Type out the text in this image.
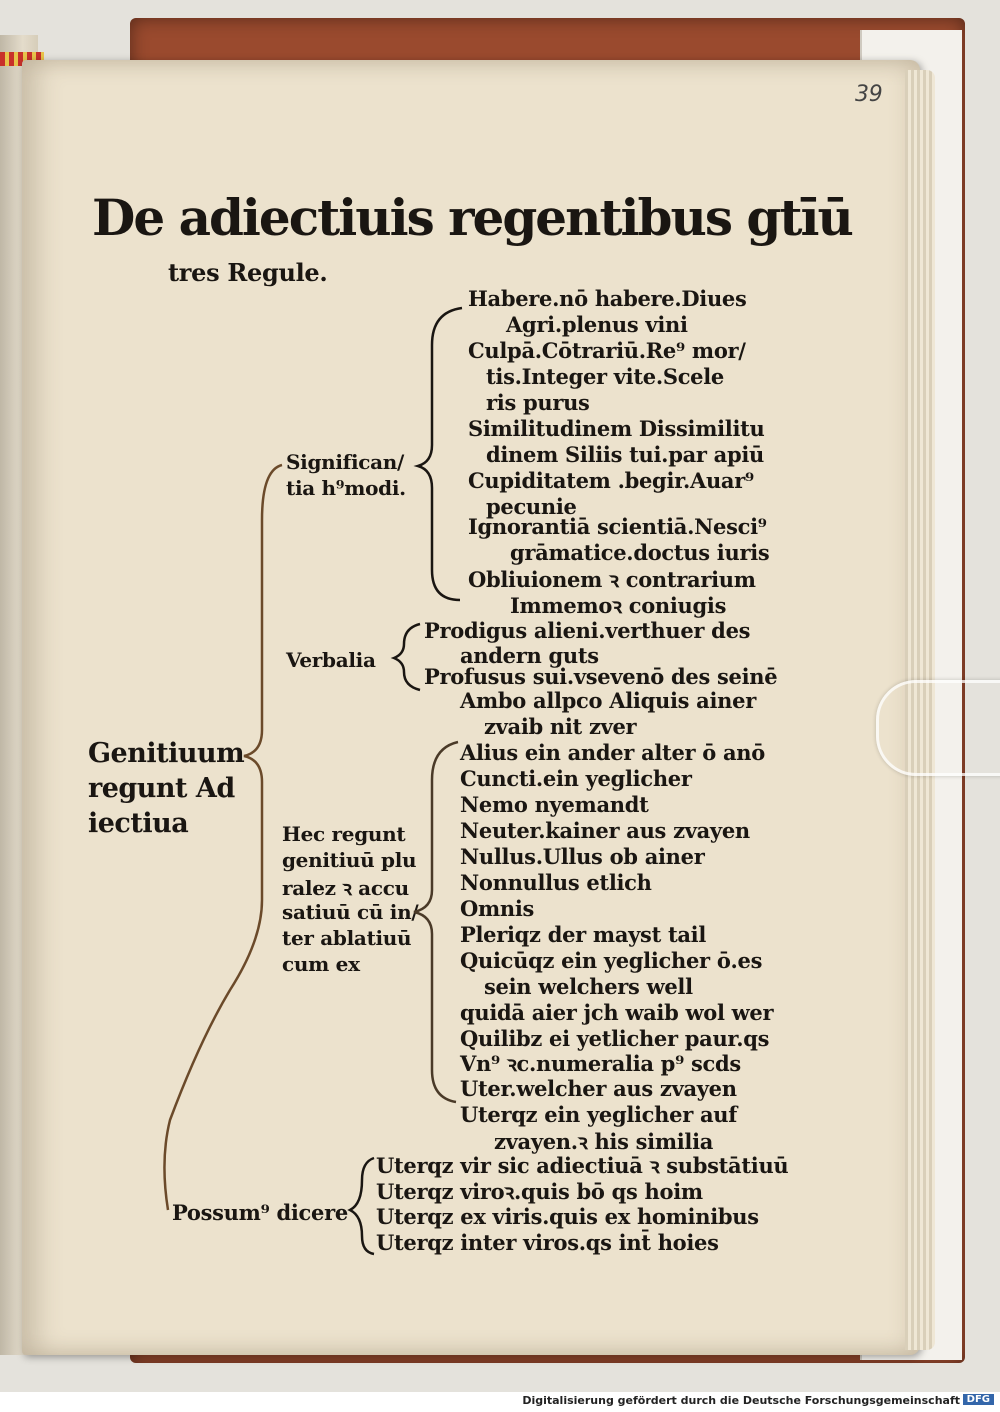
39
De adiectiuis regentibus gtīū
tres Regule.
Genitiuum
regunt Ad
iectiua
Significan/
tia h⁹modi.
Habere.nō habere.Diues
Agri.plenus vini
Culpā.Cōtrariū.Re⁹ mor/
tis.Integer vite.Scele
ris purus
Similitudinem Dissimilitu
dinem Siliis tui.par apiū
Cupiditatem .begir.Auar⁹
pecunie
Ignorantiā scientiā.Nesci⁹
grāmatice.doctus iuris
Obliuionem ꝛ contrarium
Immemoꝛ coniugis
Verbalia
Prodigus alieni.verthuer des
andern guts
Profusus sui.vsevenō des seinē
Hec regunt
genitiuū plu
ralez ꝛ accu
satiuū cū in/
ter ablatiuū
cum ex
Ambo allpco Aliquis ainer
zvaib nit zver
Alius ein ander alter ō anō
Cuncti.ein yeglicher
Nemo nyemandt
Neuter.kainer aus zvayen
Nullus.Ullus ob ainer
Nonnullus etlich
Omnis
Pleriqz der mayst tail
Quicūqz ein yeglicher ō.es
sein welchers well
quidā aier jch waib wol wer
Quilibz ei yetlicher paur.qs
Vn⁹ ꝛc.numeralia p⁹ scds
Uter.welcher aus zvayen
Uterqz ein yeglicher auf
zvayen.ꝛ his similia
Possum⁹ dicere
Uterqz vir sic adiectiuā ꝛ substātiuū
Uterqz viroꝛ.quis bō qs hoim
Uterqz ex viris.quis ex hominibus
Uterqz inter viros.qs int̄ hoies
Digitalisierung gefördert durch die Deutsche Forschungsgemeinschaft DFG
